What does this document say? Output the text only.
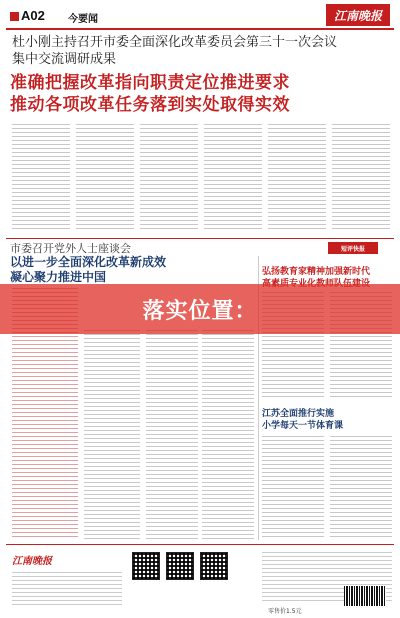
A02 今要闻	江南晚报
杜小刚主持召开市委全面深化改革委员会第三十一次会议
集中交流调研成果
准确把握改革指向职责定位推进要求
推动各项改革任务落到实处取得实效
市委召开党外人士座谈会
以进一步全面深化改革新成效
凝心聚力推进中国
短评快报
弘扬教育家精神加强新时代

江苏全面推行实施
小学每天一节体育课
落实位置：
江南晚报
零售价1.5元
